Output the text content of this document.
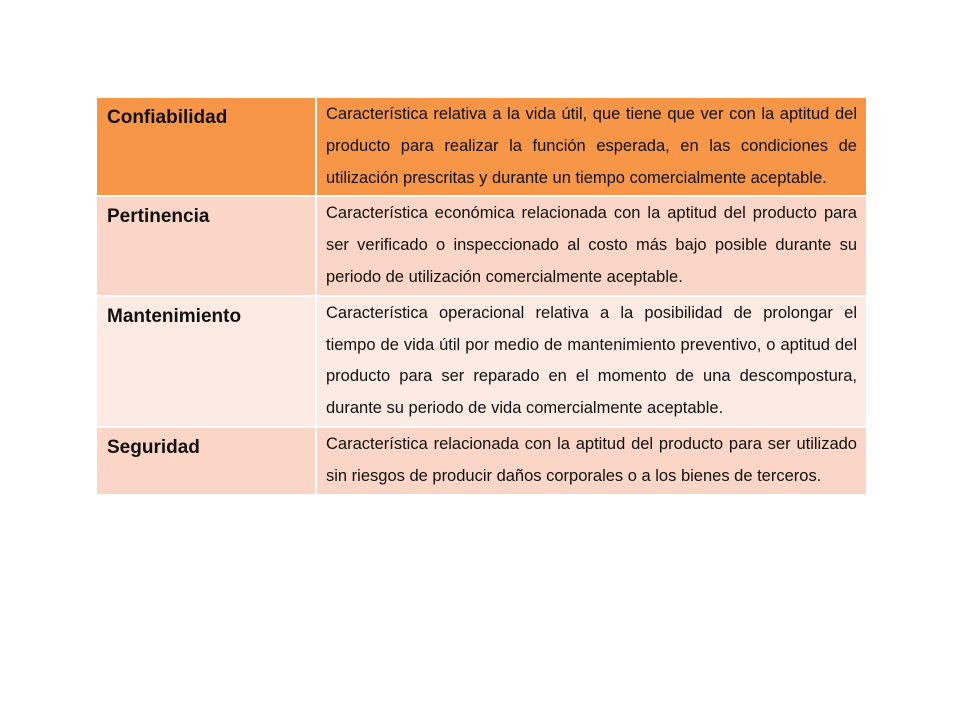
Confiabilidad	Característica relativa a la vida útil, que tiene que ver con la aptitud del producto para realizar la función esperada, en las condiciones de utilización prescritas y durante un tiempo comercialmente aceptable.
Pertinencia	Característica económica relacionada con la aptitud del producto para ser verificado o inspeccionado al costo más bajo posible durante su periodo de utilización comercialmente aceptable.
Mantenimiento	Característica operacional relativa a la posibilidad de prolongar el tiempo de vida útil por medio de mantenimiento preventivo, o aptitud del producto para ser reparado en el momento de una descompostura, durante su periodo de vida comercialmente aceptable.
Seguridad	Característica relacionada con la aptitud del producto para ser utilizado sin riesgos de producir daños corporales o a los bienes de terceros.
